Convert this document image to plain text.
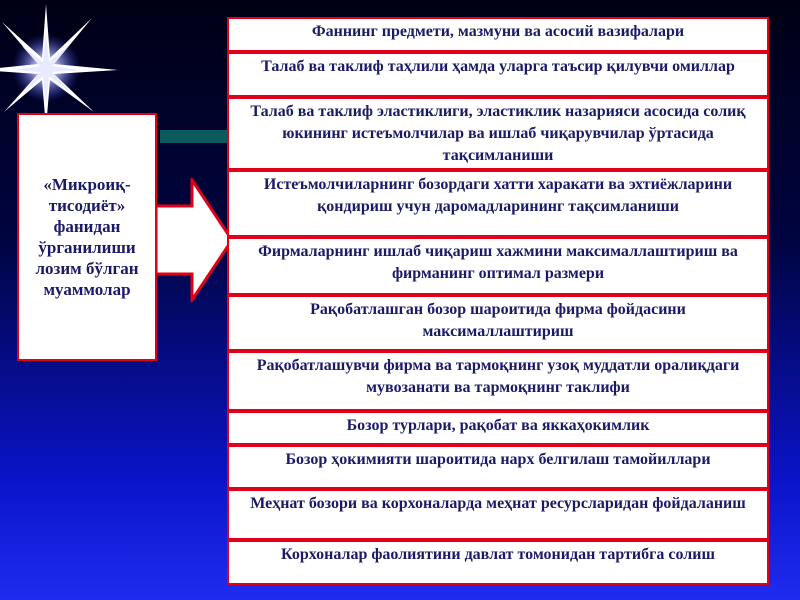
«Микроиқ-тисодиёт» фанидан ўрганилиши лозим бўлган муаммолар
Фаннинг предмети, мазмуни ва асосий вазифалари
Талаб ва таклиф таҳлили ҳамда уларга таъсир қилувчи омиллар
Талаб ва таклиф эластиклиги, эластиклик назарияси асосида солиқ юкининг истеъмолчилар ва ишлаб чиқарувчилар ўртасида тақсимланиши
Истеъмолчиларнинг бозордаги хатти харакати ва эхтиёжларини қондириш учун даромадларининг тақсимланиши
Фирмаларнинг ишлаб чиқариш хажмини максималлаштириш ва фирманинг оптимал размери
Рақобатлашган бозор шароитида фирма фойдасини максималлаштириш
Рақобатлашувчи фирма ва тармоқнинг узоқ муддатли оралиқдаги мувозанати ва тармоқнинг таклифи
Бозор турлари, рақобат ва яккаҳокимлик
Бозор ҳокимияти шароитида нарх белгилаш тамойиллари
Меҳнат бозори ва корхоналарда меҳнат ресурсларидан фойдаланиш
Корхоналар фаолиятини давлат томонидан тартибга солиш
